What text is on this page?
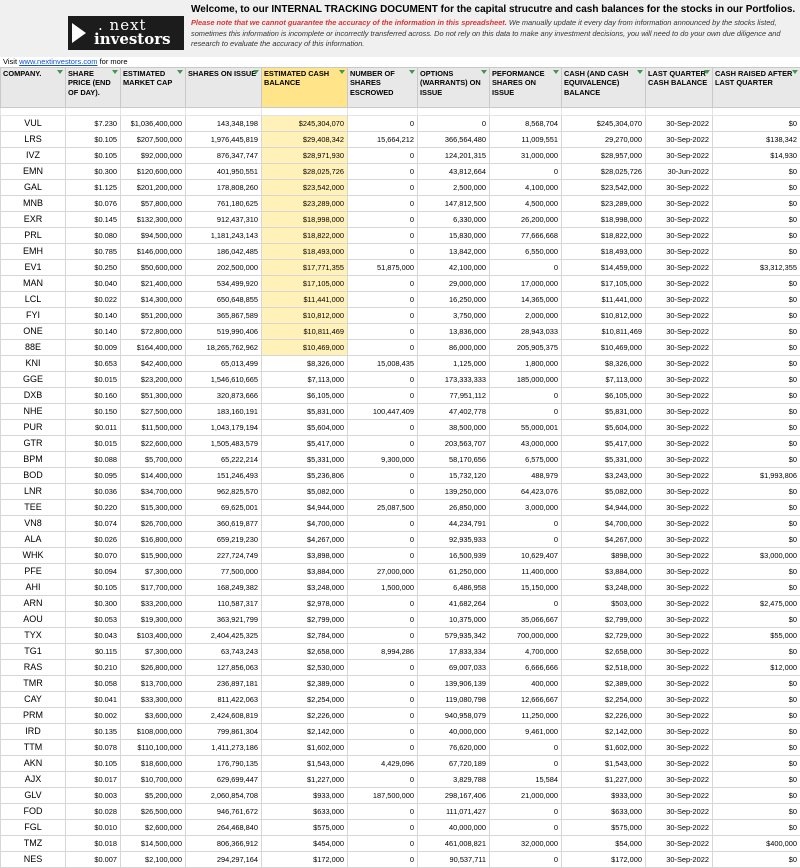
. next
investors
Welcome, to our INTERNAL TRACKING DOCUMENT for the capital strucutre and cash balances for the stocks in our Portfolios.
Please note that we cannot guarantee the accuracy of the information in this spreadsheet. We manually update it every day from information announced by the stocks listed, sometimes this information is incomplete or incorrectly transferred across. Do not rely on this data to make any investment decisions, you will need to do your own due diligence and research to evaluate the accuracy of this information.
Visit www.nextinvestors.com for more
COMPANY.	SHARE PRICE (END OF DAY).	ESTIMATED MARKET CAP	SHARES ON ISSUE	ESTIMATED CASH BALANCE	NUMBER OF SHARES ESCROWED	OPTIONS (WARRANTS) ON ISSUE	PEFORMANCE SHARES ON ISSUE	CASH (AND CASH EQUIVALENCE) BALANCE	LAST QUARTER CASH BALANCE	CASH RAISED AFTER LAST QUARTER

VUL	$7.230	$1,036,400,000	143,348,198	$245,304,070	0	0	8,568,704	$245,304,070	30-Sep-2022	$0
LRS	$0.105	$207,500,000	1,976,445,819	$29,408,342	15,664,212	366,564,480	11,009,551	29,270,000	30-Sep-2022	$138,342
IVZ	$0.105	$92,000,000	876,347,747	$28,971,930	0	124,201,315	31,000,000	$28,957,000	30-Sep-2022	$14,930
EMN	$0.300	$120,600,000	401,950,551	$28,025,726	0	43,812,664	0	$28,025,726	30-Jun-2022	$0
GAL	$1.125	$201,200,000	178,808,260	$23,542,000	0	2,500,000	4,100,000	$23,542,000	30-Sep-2022	$0
MNB	$0.076	$57,800,000	761,180,625	$23,289,000	0	147,812,500	4,500,000	$23,289,000	30-Sep-2022	$0
EXR	$0.145	$132,300,000	912,437,310	$18,998,000	0	6,330,000	26,200,000	$18,998,000	30-Sep-2022	$0
PRL	$0.080	$94,500,000	1,181,243,143	$18,822,000	0	15,830,000	77,666,668	$18,822,000	30-Sep-2022	$0
EMH	$0.785	$146,000,000	186,042,485	$18,493,000	0	13,842,000	6,550,000	$18,493,000	30-Sep-2022	$0
EV1	$0.250	$50,600,000	202,500,000	$17,771,355	51,875,000	42,100,000	0	$14,459,000	30-Sep-2022	$3,312,355
MAN	$0.040	$21,400,000	534,499,920	$17,105,000	0	29,000,000	17,000,000	$17,105,000	30-Sep-2022	$0
LCL	$0.022	$14,300,000	650,648,855	$11,441,000	0	16,250,000	14,365,000	$11,441,000	30-Sep-2022	$0
FYI	$0.140	$51,200,000	365,867,589	$10,812,000	0	3,750,000	2,000,000	$10,812,000	30-Sep-2022	$0
ONE	$0.140	$72,800,000	519,990,406	$10,811,469	0	13,836,000	28,943,033	$10,811,469	30-Sep-2022	$0
88E	$0.009	$164,400,000	18,265,762,962	$10,469,000	0	86,000,000	205,905,375	$10,469,000	30-Sep-2022	$0
KNI	$0.653	$42,400,000	65,013,499	$8,326,000	15,008,435	1,125,000	1,800,000	$8,326,000	30-Sep-2022	$0
GGE	$0.015	$23,200,000	1,546,610,665	$7,113,000	0	173,333,333	185,000,000	$7,113,000	30-Sep-2022	$0
DXB	$0.160	$51,300,000	320,873,666	$6,105,000	0	77,951,112	0	$6,105,000	30-Sep-2022	$0
NHE	$0.150	$27,500,000	183,160,191	$5,831,000	100,447,409	47,402,778	0	$5,831,000	30-Sep-2022	$0
PUR	$0.011	$11,500,000	1,043,179,194	$5,604,000	0	38,500,000	55,000,001	$5,604,000	30-Sep-2022	$0
GTR	$0.015	$22,600,000	1,505,483,579	$5,417,000	0	203,563,707	43,000,000	$5,417,000	30-Sep-2022	$0
BPM	$0.088	$5,700,000	65,222,214	$5,331,000	9,300,000	58,170,656	6,575,000	$5,331,000	30-Sep-2022	$0
BOD	$0.095	$14,400,000	151,246,493	$5,236,806	0	15,732,120	488,979	$3,243,000	30-Sep-2022	$1,993,806
LNR	$0.036	$34,700,000	962,825,570	$5,082,000	0	139,250,000	64,423,076	$5,082,000	30-Sep-2022	$0
TEE	$0.220	$15,300,000	69,625,001	$4,944,000	25,087,500	26,850,000	3,000,000	$4,944,000	30-Sep-2022	$0
VN8	$0.074	$26,700,000	360,619,877	$4,700,000	0	44,234,791	0	$4,700,000	30-Sep-2022	$0
ALA	$0.026	$16,800,000	659,219,230	$4,267,000	0	92,935,933	0	$4,267,000	30-Sep-2022	$0
WHK	$0.070	$15,900,000	227,724,749	$3,898,000	0	16,500,939	10,629,407	$898,000	30-Sep-2022	$3,000,000
PFE	$0.094	$7,300,000	77,500,000	$3,884,000	27,000,000	61,250,000	11,400,000	$3,884,000	30-Sep-2022	$0
AHI	$0.105	$17,700,000	168,249,382	$3,248,000	1,500,000	6,486,958	15,150,000	$3,248,000	30-Sep-2022	$0
ARN	$0.300	$33,200,000	110,587,317	$2,978,000	0	41,682,264	0	$503,000	30-Sep-2022	$2,475,000
AOU	$0.053	$19,300,000	363,921,799	$2,799,000	0	10,375,000	35,066,667	$2,799,000	30-Sep-2022	$0
TYX	$0.043	$103,400,000	2,404,425,325	$2,784,000	0	579,935,342	700,000,000	$2,729,000	30-Sep-2022	$55,000
TG1	$0.115	$7,300,000	63,743,243	$2,658,000	8,994,286	17,833,334	4,700,000	$2,658,000	30-Sep-2022	$0
RAS	$0.210	$26,800,000	127,856,063	$2,530,000	0	69,007,033	6,666,666	$2,518,000	30-Sep-2022	$12,000
TMR	$0.058	$13,700,000	236,897,181	$2,389,000	0	139,906,139	400,000	$2,389,000	30-Sep-2022	$0
CAY	$0.041	$33,300,000	811,422,063	$2,254,000	0	119,080,798	12,666,667	$2,254,000	30-Sep-2022	$0
PRM	$0.002	$3,600,000	2,424,608,819	$2,226,000	0	940,958,079	11,250,000	$2,226,000	30-Sep-2022	$0
IRD	$0.135	$108,000,000	799,861,304	$2,142,000	0	40,000,000	9,461,000	$2,142,000	30-Sep-2022	$0
TTM	$0.078	$110,100,000	1,411,273,186	$1,602,000	0	76,620,000	0	$1,602,000	30-Sep-2022	$0
AKN	$0.105	$18,600,000	176,790,135	$1,543,000	4,429,096	67,720,189	0	$1,543,000	30-Sep-2022	$0
AJX	$0.017	$10,700,000	629,699,447	$1,227,000	0	3,829,788	15,584	$1,227,000	30-Sep-2022	$0
GLV	$0.003	$5,200,000	2,060,854,708	$933,000	187,500,000	298,167,406	21,000,000	$933,000	30-Sep-2022	$0
FOD	$0.028	$26,500,000	946,761,672	$633,000	0	111,071,427	0	$633,000	30-Sep-2022	$0
FGL	$0.010	$2,600,000	264,468,840	$575,000	0	40,000,000	0	$575,000	30-Sep-2022	$0
TMZ	$0.018	$14,500,000	806,366,912	$454,000	0	461,008,821	32,000,000	$54,000	30-Sep-2022	$400,000
NES	$0.007	$2,100,000	294,297,164	$172,000	0	90,537,711	0	$172,000	30-Sep-2022	$0
